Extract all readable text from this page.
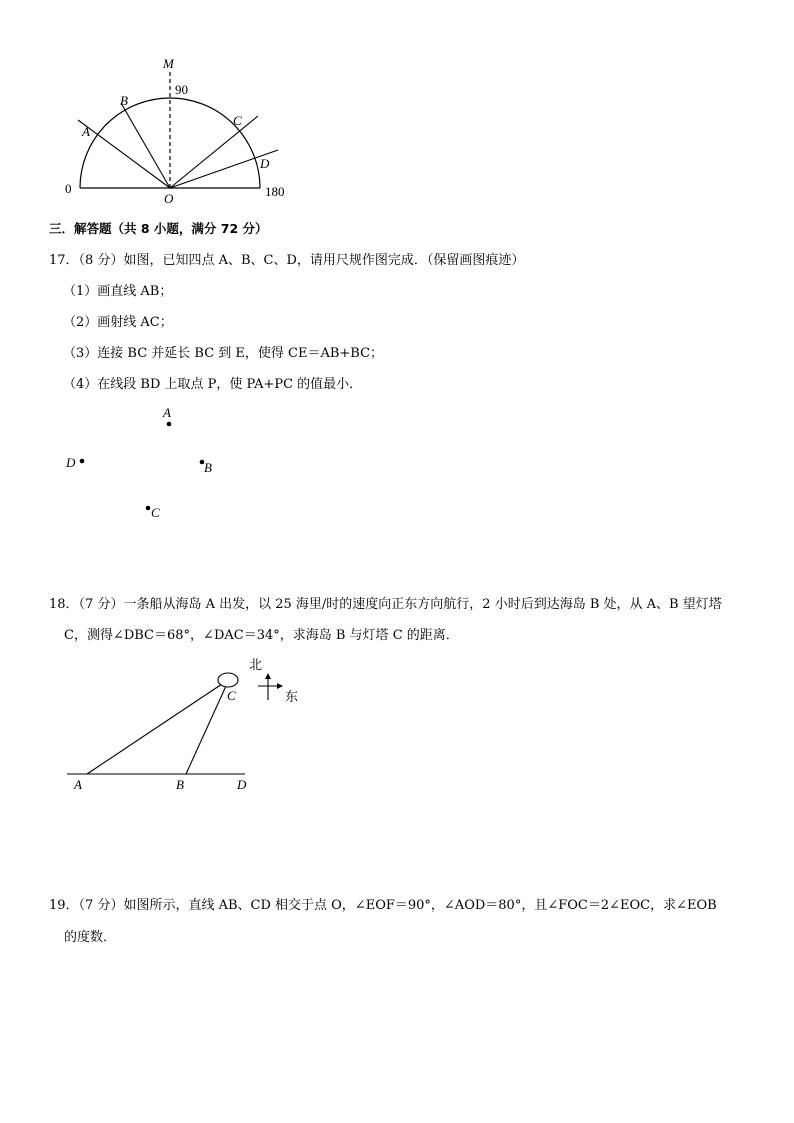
M
B
A
C
D
O
0
90
180
三．解答题（共 8 小题，满分 72 分）
17．（8 分）如图，已知四点 A、B、C、D，请用尺规作图完成．（保留画图痕迹）
（1）画直线 AB；
（2）画射线 AC；
（3）连接 BC 并延长 BC 到 E，使得 CE＝AB+BC；
（4）在线段 BD 上取点 P，使 PA+PC 的值最小．
A
D	B
C
18．（7 分）一条船从海岛 A 出发，以 25 海里/时的速度向正东方向航行，2 小时后到达海岛 B 处，从 A、B 望灯塔
C，测得∠DBC＝68°，∠DAC＝34°，求海岛 B 与灯塔 C 的距离．
北
东
C
A	B	D
19．（7 分）如图所示，直线 AB、CD 相交于点 O，∠EOF＝90°，∠AOD＝80°，且∠FOC＝2∠EOC，求∠EOB
的度数．
